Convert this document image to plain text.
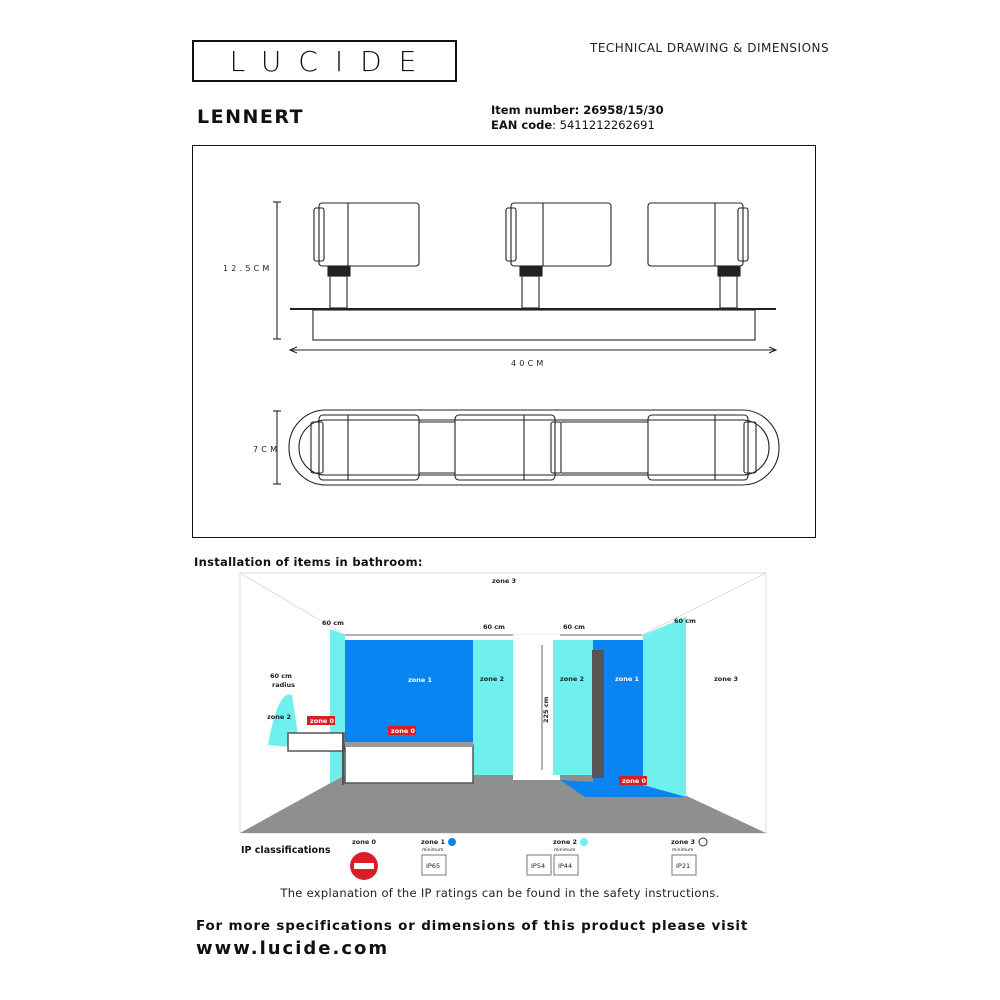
LUCIDE	TECHNICAL DRAWING & DIMENSIONS
LENNERT	Item number: 26958/15/30
EAN code: 5411212262691
12.5CM
40CM
7CM
Installation of items in bathroom:
zone 3
zone 3
60 cm	60 cm	60 cm
60 cm
60 cm
radius
zone 2
zone 1	zone 2	zone 2	zone 1
225 cm
zone 0
zone 0
zone 0
IP classifications
zone 0	zone 1
minimum
IP65
zone 2
minimum
IP54 IP44
zone 3
minimum
IP21
The explanation of the IP ratings can be found in the safety instructions.
For more specifications or dimensions of this product please visit
www.lucide.com
